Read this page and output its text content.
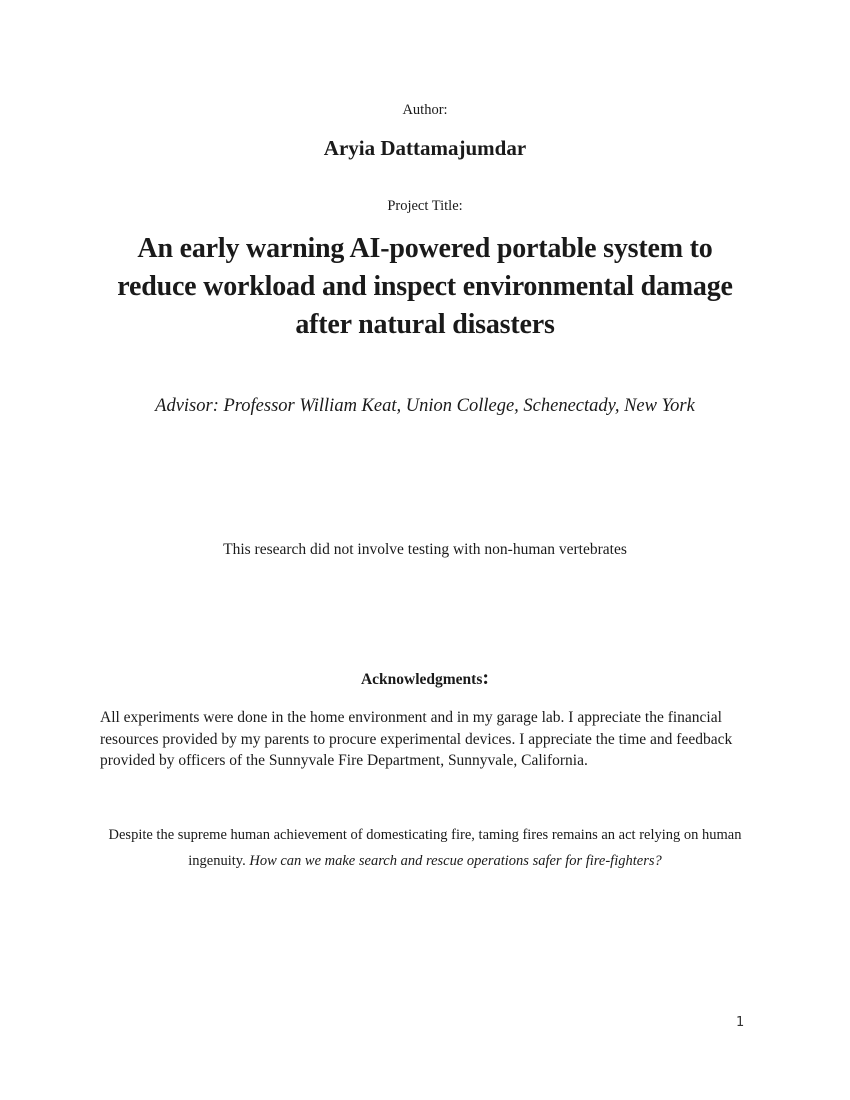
Author:

Aryia Dattamajumdar

Project Title:

An early warning AI-powered portable system to reduce workload and inspect environmental damage after natural disasters

Advisor: Professor William Keat, Union College, Schenectady, New York

This research did not involve testing with non-human vertebrates

Acknowledgments:

All experiments were done in the home environment and in my garage lab. I appreciate the financial resources provided by my parents to procure experimental devices. I appreciate the time and feedback provided by officers of the Sunnyvale Fire Department, Sunnyvale, California.

Despite the supreme human achievement of domesticating fire, taming fires remains an act relying on human ingenuity. How can we make search and rescue operations safer for fire-fighters?

1
